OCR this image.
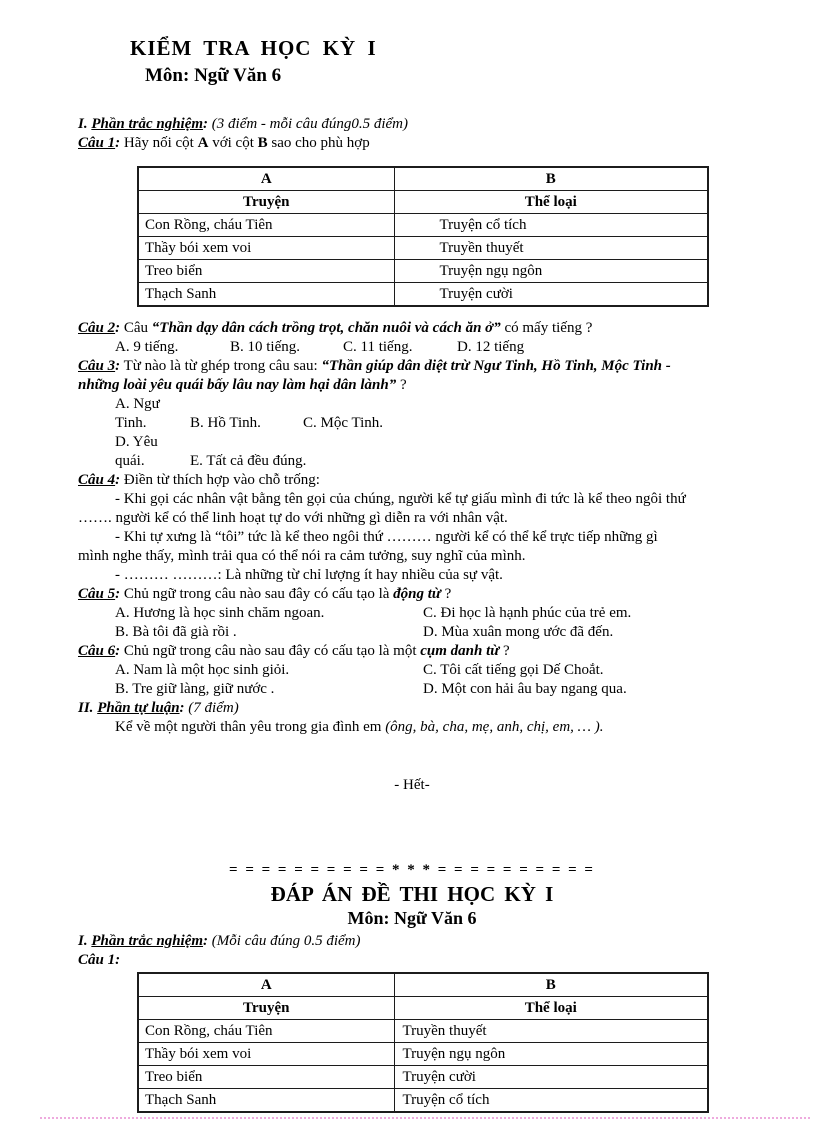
KIỂM TRA HỌC KỲ I
Môn: Ngữ Văn 6
I. Phần trắc nghiệm: (3 điểm - mỗi câu đúng0.5 điểm)
Câu 1: Hãy nối cột A với cột B sao cho phù hợp
A	B
Truyện	Thể loại
Con Rồng, cháu Tiên	Truyện cổ tích
Thầy bói xem voi	Truyền thuyết
Treo biển	Truyện ngụ ngôn
Thạch Sanh	Truyện cười
Câu 2: Câu “Thần dạy dân cách trồng trọt, chăn nuôi và cách ăn ở” có mấy tiếng ?
A. 9 tiếng.	B. 10 tiếng.	C. 11 tiếng.	D. 12 tiếng
Câu 3: Từ nào là từ ghép trong câu sau: “Thần giúp dân diệt trừ Ngư Tinh, Hồ Tinh, Mộc Tinh -
những loài yêu quái bấy lâu nay làm hại dân lành” ?
A. Ngư Tinh.	B. Hồ Tinh.	C. Mộc Tinh.
D. Yêu quái.	E. Tất cả đều đúng.
Câu 4: Điền từ thích hợp vào chỗ trống:
- Khi gọi các nhân vật bằng tên gọi của chúng, người kể tự giấu mình đi tức là kể theo ngôi thứ
……. người kể có thể linh hoạt tự do với những gì diễn ra với nhân vật.
- Khi tự xưng là “tôi” tức là kể theo ngôi thứ ……… người kể có thể kể trực tiếp những gì
mình nghe thấy, mình trải qua có thể nói ra cảm tưởng, suy nghĩ của mình.
- ……… ………: Là những từ chỉ lượng ít hay nhiều của sự vật.
Câu 5: Chủ ngữ trong câu nào sau đây có cấu tạo là động từ ?
A. Hương là học sinh chăm ngoan.	C. Đi học là hạnh phúc của trẻ em.
B. Bà tôi đã già rồi .	D. Mùa xuân mong ước đã đến.
Câu 6: Chủ ngữ trong câu nào sau đây có cấu tạo là một cụm danh từ ?
A. Nam là một học sinh giỏi.	C. Tôi cất tiếng gọi Dế Choắt.
B. Tre giữ làng, giữ nước .	D. Một con hải âu bay ngang qua.
II. Phần tự luận: (7 điểm)
Kể về một người thân yêu trong gia đình em (ông, bà, cha, mẹ, anh, chị, em, … ).
- Hết-
= = = = = = = = = = * * * = = = = = = = = = =
ĐÁP ÁN ĐỀ THI HỌC KỲ I
Môn: Ngữ Văn 6
I. Phần trắc nghiệm: (Mỗi câu đúng 0.5 điểm)
Câu 1:
A	B
Truyện	Thể loại
Con Rồng, cháu Tiên	Truyền thuyết
Thầy bói xem voi	Truyện ngụ ngôn
Treo biển	Truyện cười
Thạch Sanh	Truyện cổ tích
